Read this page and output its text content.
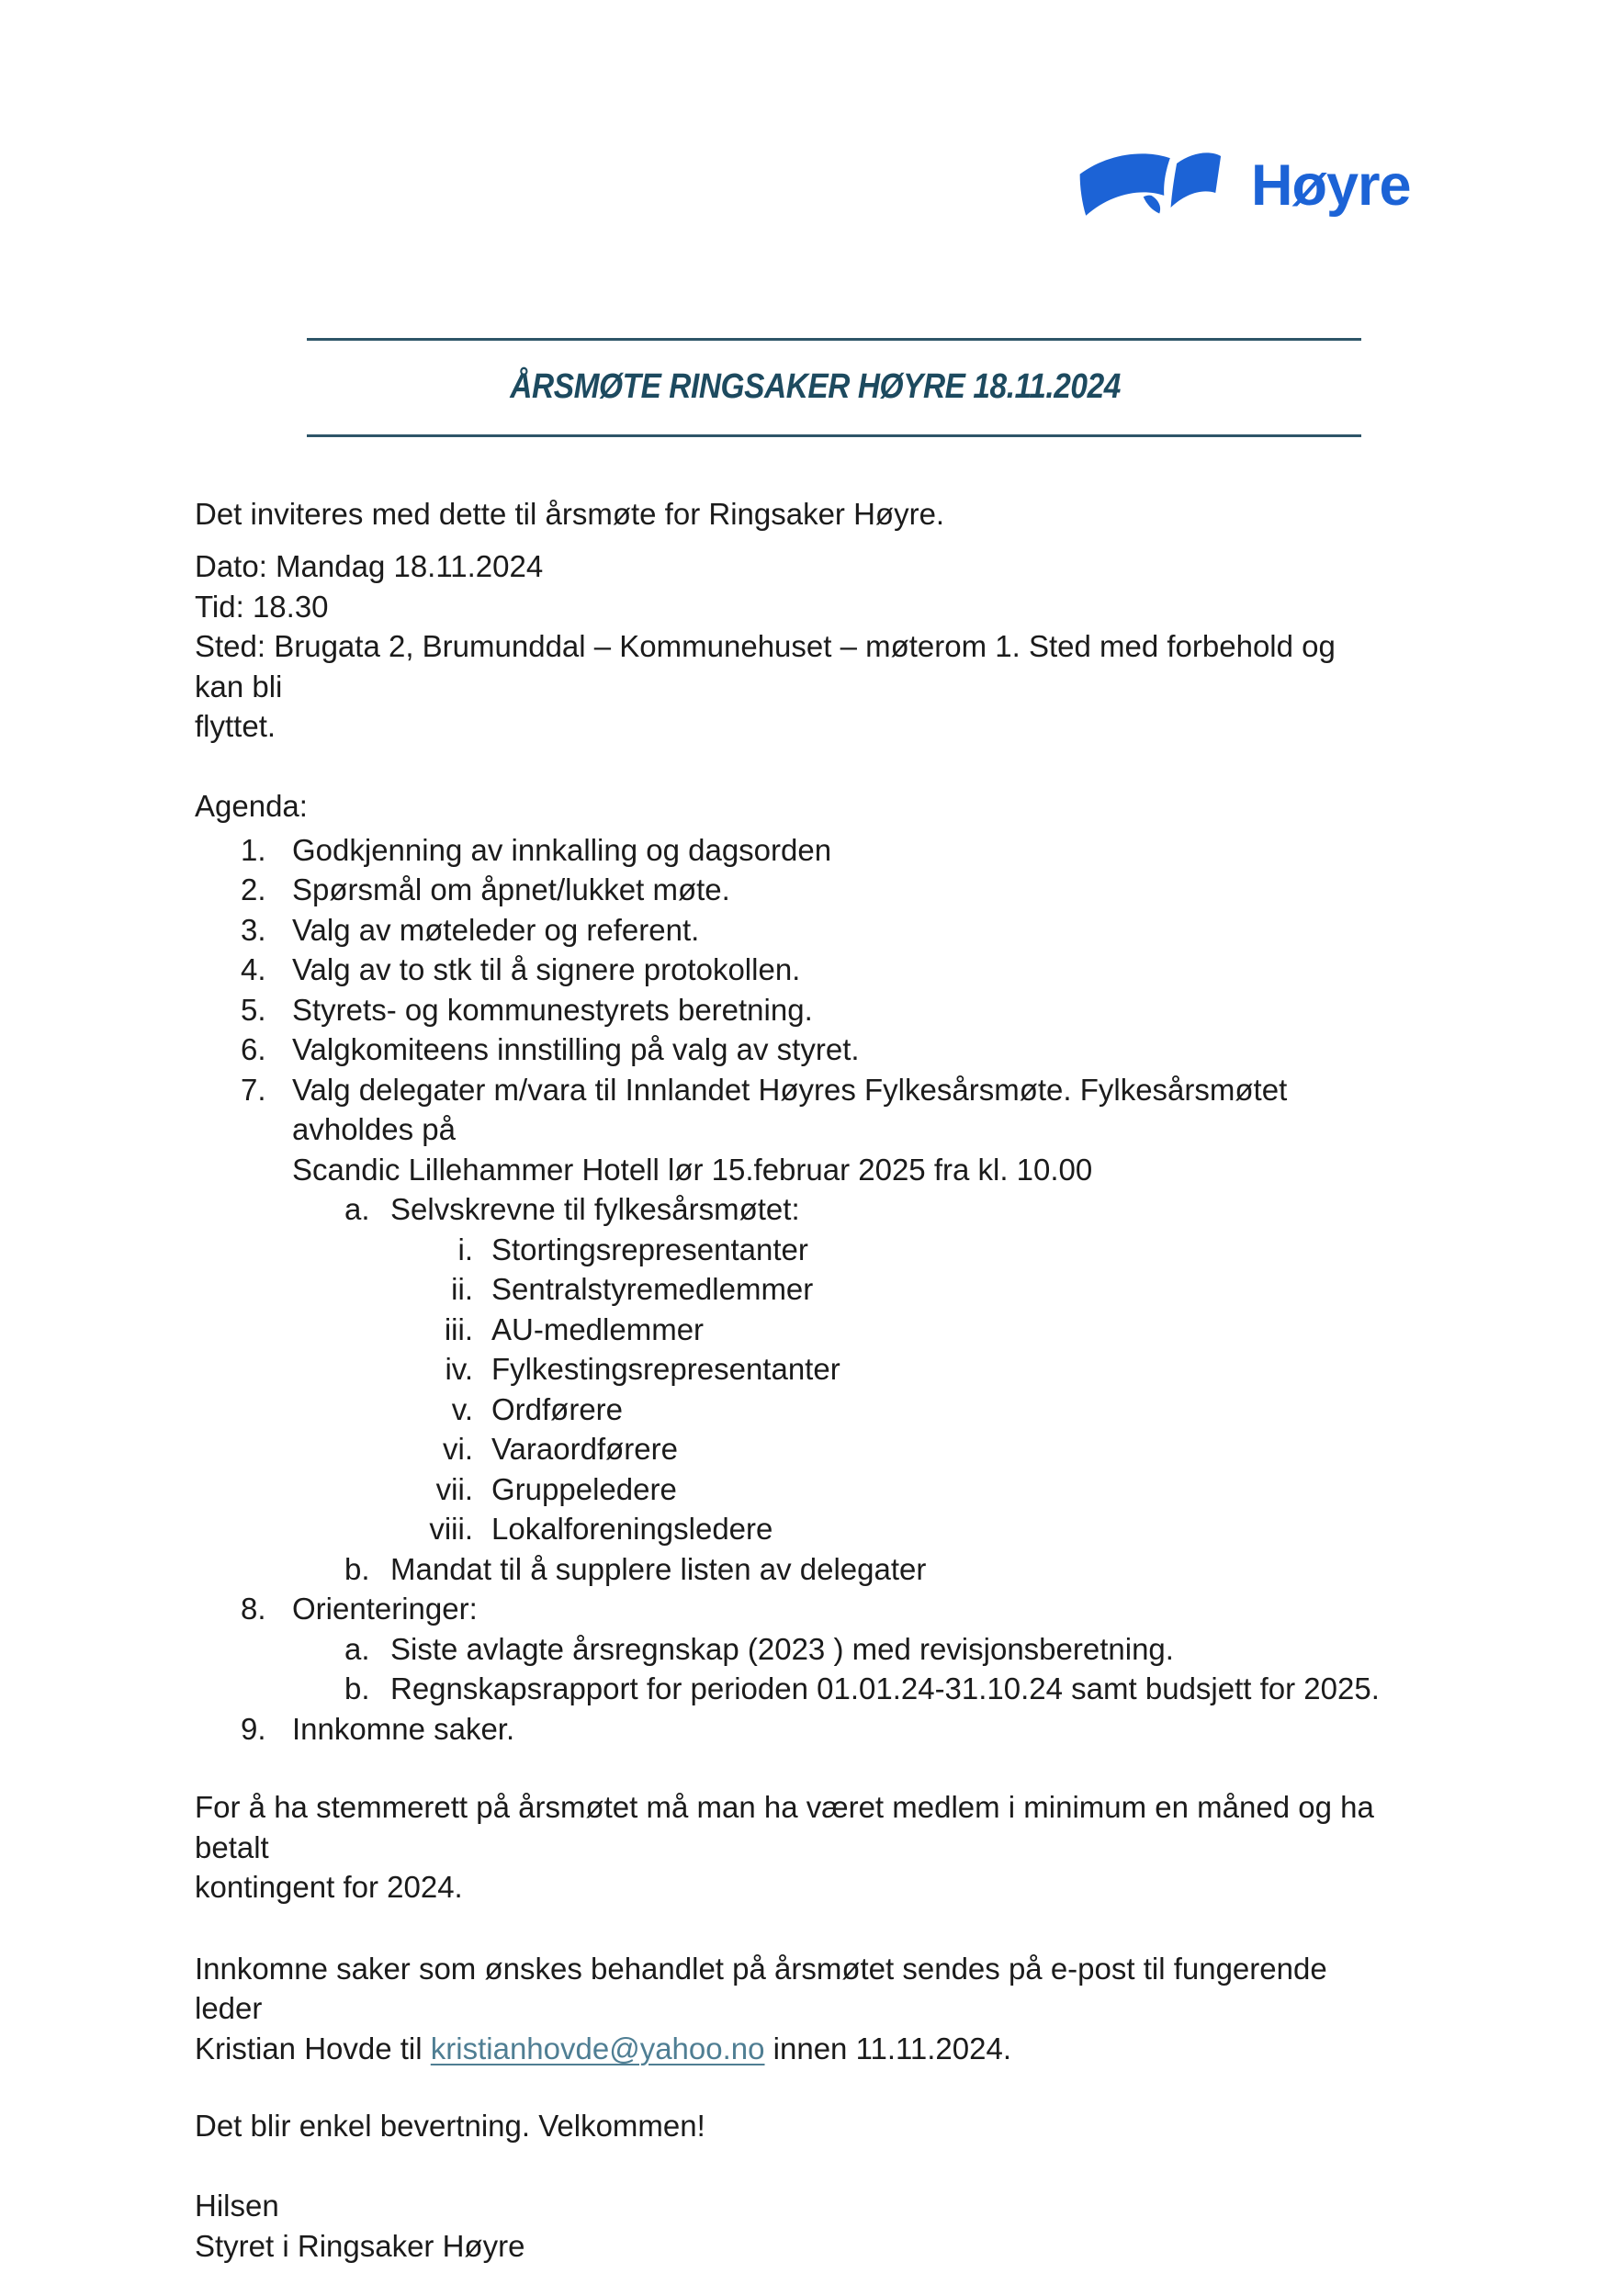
Høyre
ÅRSMØTE RINGSAKER HØYRE 18.11.2024
Det inviteres med dette til årsmøte for Ringsaker Høyre.
Dato: Mandag 18.11.2024
Tid: 18.30
Sted: Brugata 2, Brumunddal – Kommunehuset – møterom 1. Sted med forbehold og kan bli
flyttet.
Agenda:
1. Godkjenning av innkalling og dagsorden
2. Spørsmål om åpnet/lukket møte.
3. Valg av møteleder og referent.
4. Valg av to stk til å signere protokollen.
5. Styrets- og kommunestyrets beretning.
6. Valgkomiteens innstilling på valg av styret.
7. Valg delegater m/vara til Innlandet Høyres Fylkesårsmøte. Fylkesårsmøtet avholdes på
Scandic Lillehammer Hotell lør 15.februar 2025 fra kl. 10.00
a. Selvskrevne til fylkesårsmøtet:
i. Stortingsrepresentanter
ii. Sentralstyremedlemmer
iii. AU-medlemmer
iv. Fylkestingsrepresentanter
v. Ordførere
vi. Varaordførere
vii. Gruppeledere
viii. Lokalforeningsledere
b. Mandat til å supplere listen av delegater
8. Orienteringer:
a. Siste avlagte årsregnskap (2023 ) med revisjonsberetning.
b. Regnskapsrapport for perioden 01.01.24-31.10.24 samt budsjett for 2025.
9. Innkomne saker.
For å ha stemmerett på årsmøtet må man ha været medlem i minimum en måned og ha betalt
kontingent for 2024.
Innkomne saker som ønskes behandlet på årsmøtet sendes på e-post til fungerende leder
Kristian Hovde til kristianhovde@yahoo.no innen 11.11.2024.
Det blir enkel bevertning. Velkommen!
Hilsen
Styret i Ringsaker Høyre
